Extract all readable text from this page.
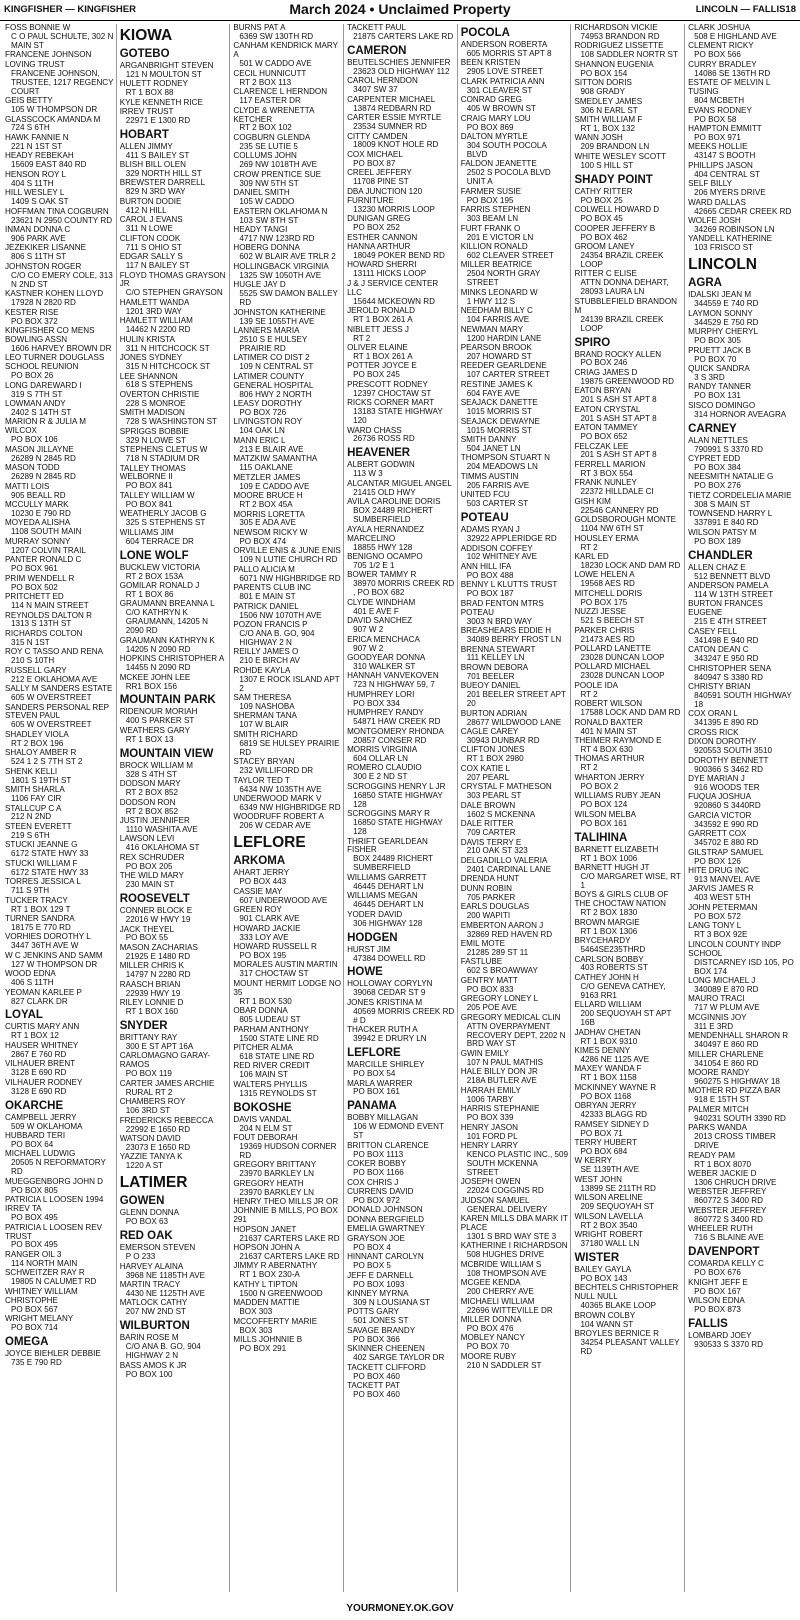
KINGFISHER — KINGFISHER	March 2024 • Unclaimed Property	LINCOLN — FALLIS18
FOSS BONNIE W
C O PAUL SCHULTE, 302 N MAIN ST
FRANCENE JOHNSON
LOVING TRUST
FRANCENE JOHNSON, TRUSTEE, 1217 REGENCY COURT
GEIS BETTY
105 W THOMPSON DR
GLASSCOCK AMANDA M
724 S 6TH
HAWK FANNIE N
221 N 1ST ST
HEADY REBEKAH
15609 EAST 840 RD
HENSON ROY L
404 S 11TH
HILL WESLEY L
1409 S OAK ST
HOFFMAN TINA COGBURN
23621 N 2950 COUNTY RD
INMAN DONNA C
906 PARK AVE
JEZEKIKER LISANNE
806 S 11TH ST
JOHNSTON ROGER
C/O CO EMERY COLE, 313 N 2ND ST
KASTNER KOHEN LLOYD
17928 N 2820 RD
KESTER RISE
PO BOX 372
KINGFISHER CO MENS BOWLING ASSN
1606 HARVEY BROWN DR
LEO TURNER DOUGLASS SCHOOL REUNION
PO BOX 26
LONG DAREWARD I
319 S 7TH ST
LOWMAN ANDY
2402 S 14TH ST
MARION R & JULIA M WILCOX
PO BOX 106
MASON JILLAYNE
26289 N 2845 RD
MASON TODD
26289 N 2845 RD
MATTI LOIS
905 BEALL RD
MCCULLY MARK
10230 E 790 RD
MOYEDA ALISHA
1108 SOUTH MAIN
MURRAY SONNY
1207 COLVIN TRAIL
PANTER RONALD C
PO BOX 961
PRIM WENDELL R
PO BOX 502
PRITCHETT ED
114 N MAIN STREET
REYNOLDS DALTON R
1313 S 13TH ST
RICHARDS COLTON
315 N 1ST
ROY C TASSO AND RENA
210 S 10TH
RUSSELL GARY
212 E OKLAHOMA AVE
SALLY M SANDERS ESTATE
605 W OVERSTREET
SANDERS PERSONAL REP STEVEN PAUL
605 W OVERSTREET
SHADLEY VIOLA
RT 2 BOX 196
SHALOY AMBER R
524 1 2 S 7TH ST 2
SHENK KELLI
1801 S 19TH ST
SMITH SHARLA
1106 FAY CIR
STALLCUP C A
212 N 2ND
STEEN EVERETT
219 S 6TH
STUCKI JEANNE G
6172 STATE HWY 33
STUCKI WILLIAM F
6172 STATE HWY 33
TORRES JESSICA L
711 S 9TH
TUCKER TRACY
RT 1 BOX 129 T
TURNER SANDRA
18175 E 770 RD
VORHIES DOROTHY L
3447 36TH AVE W
W C JENKINS AND SAMM
127 W THOMPSON DR
WOOD EDNA
406 S 11TH
YEOMAN KARLEE P
827 CLARK DR
LOYAL
CURTIS MARY ANN
RT 1 BOX 12
HAUSER WHITNEY
2867 E 760 RD
VILHAUER BRENT
3128 E 690 RD
VILHAUER RODNEY
3128 E 690 RD
OKARCHE
CAMPBELL JERRY
509 W OKLAHOMA
HUBBARD TERI
PO BOX 64
MICHAEL LUDWIG
20505 N REFORMATORY RD
MUEGGENBORG JOHN D
PO BOX 805
PATRICIA L LOOSEN 1994 IRREV TA
PO BOX 495
PATRICIA L LOOSEN REV TRUST
PO BOX 495
RANGER OIL 3
114 NORTH MAIN
SCHWEITZER RAY R
19805 N CALUMET RD
WHITNEY WILLIAM CHRISTOPHE
PO BOX 567
WRIGHT MELANY
PO BOX 714
OMEGA
JOYCE BIEHLER DEBBIE
735 E 790 RD
KIOWA
GOTEBO
ARGANBRIGHT STEVEN
121 N MOULTON ST
HULETT RODNEY
RT 1 BOX 88
KYLE KENNETH RICE IRREV TRUST
22971 E 1300 RD
HOBART
ALLEN JIMMY
411 S BAILEY ST
BLISH BILL OLEN
329 NORTH HILL ST
BREWSTER DARRELL
829 N 3RD WAY
BURTON DODIE
412 N HILL
CAROL J EVANS
311 N LOWE
CLIFTON COOK
711 S OHIO ST
EDGAR SALLY S
117 N BAILEY ST
FLOYD THOMAS GRAYSON JR
C/O STEPHEN GRAYSON
HAMLETT WANDA
1201 3RD WAY
HAMLETT WILLIAM
14462 N 2200 RD
HULIN KRISTA
311 N HITCHCOCK ST
JONES SYDNEY
315 N HITCHCOCK ST
LEE SHANNON
618 S STEPHENS
OVERTON CHRISTIE
228 S MONROE
SMITH MADISON
728 S WASHINGTON ST
SPRIGGS BOBBIE
329 N LOWE ST
STEPHENS CLETUS W
718 N STADIUM DR
TALLEY THOMAS WELBORNE II
PO BOX 841
TALLEY WILLIAM W
PO BOX 841
WEATHERLY JACOB G
325 S STEPHENS ST
WILLIAMS JIM
604 TERRACE DR
LONE WOLF
BUCKLEW VICTORIA
RT 2 BOX 153A
GOMILAR RONALD J
RT 1 BOX 86
GRAUMANN BREANNA L
C/O KATHRYN K GRAUMANN, 14205 N 2090 RD
GRAUMANN KATHRYN K
14205 N 2090 RD
HOPKINS CHRISTOPHER A
14455 N 2090 RD
MCKEE JOHN LEE
RR1 BOX 156
MOUNTAIN PARK
RIDENOUR MORIAH
400 S PARKER ST
WEATHERS GARY
RT 1 BOX 13
MOUNTAIN VIEW
BROCK WILLIAM M
328 S 4TH ST
DODSON MARY
RT 2 BOX 852
DODSON RON
RT 2 BOX 852
JUSTIN JENNIFER
1110 WASHITA AVE
LAWSON LEVI
416 OKLAHOMA ST
REX SCHRUDER
PO BOX 205
THE WILD MARY
230 MAIN ST
ROOSEVELT
CONNER BLOCK E
22016 W HWY 19
JACK THEYEL
PO BOX 55
MASON ZACHARIAS
21925 E 1480 RD
MILLER CHRIS K
14797 N 2280 RD
RAASCH BRIAN
22939 HWY 19
RILEY LONNIE D
RT 1 BOX 160
SNYDER
BRITTANY RAY
300 E ST APT 16A
CARLOMAGNO GARAY-RAMOS
PO BOX 119
CARTER JAMES ARCHIE
RURAL RT 2
CHAMBERS ROY
106 3RD ST
FREDERICKS REBECCA
22992 E 1650 RD
WATSON DAVID
23073 E 1650 RD
YAZZIE TANYA K
1220 A ST
LATIMER
GOWEN
GLENN DONNA
PO BOX 63
RED OAK
EMERSON STEVEN
P O 233
HARVEY ALAINA
3968 NE 1185TH AVE
MARTIN TRACY
4430 NE 1125TH AVE
MATLOCK CATHY
207 NW 2ND ST
WILBURTON
BARIN ROSE M
C/O ANA B. GO, 904 HIGHWAY 2 N
BASS AMOS K JR
PO BOX 100
BURNS PAT A
6369 SW 130TH RD
CANHAM KENDRICK MARY A
501 W CADDO AVE
CECIL HUNNICUTT
RT 2 BOX 113
CLARENCE L HERNDON
117 EASTER DR
CLYDE & WRENETTA KETCHER
RT 2 BOX 102
COGBURN GLENDA
235 SE LUTIE 5
COLLUMS JOHN
269 NW 1018TH AVE
CROW PRENTICE SUE
309 NW 5TH ST
DANIEL SMITH
105 W CADDO
EASTERN OKLAHOMA N
103 SW 8TH ST
HEADY TANGI
4717 NW 123RD RD
HOBERG DONNA
602 W BLAIR AVE TRLR 2
HOLLINGBACK VIRGINIA
1325 SW 1050TH AVE
HUGLE JAY D
5525 SW DAMON BALLEY RD
JOHNSTON KATHERINE
139 SE 1055TH AVE
LANNERS MARIA
2510 S E HULSEY PRAIRIE RD
LATIMER CO DIST 2
109 N CENTRAL ST
LATIMER COUNTY GENERAL HOSPITAL
806 HWY 2 NORTH
LEASY DOROTHY
PO BOX 726
LIVINGSTON ROY
104 OAK LN
MANN ERIC L
213 E BLAIR AVE
MATZKIW SAMANTHA
115 OAKLANE
METZLER JAMES
109 E CADDO AVE
MOORE BRUCE H
RT 2 BOX 45A
MORRIS LORETTA
305 E ADA AVE
NEWSOM RICKY W
PO BOX 474
ORVILLE ENIS & JUNE ENIS
109 N LUTIE CHURCH RD
PALLO ALICIA M
6071 NW HIGHBRIDGE RD
PARENTS CLUB INC
801 E MAIN ST
PATRICK DANIEL
1506 NW 1070TH AVE
POZON FRANCIS P
C/O ANA B. GO, 904 HIGHWAY 2 N
REILLY JAMES O
210 E BIRCH AV
ROHDE KAYLA
1307 E ROCK ISLAND APT 2
SAM THERESA
109 NASHOBA
SHERMAN TANA
107 W BLAIR
SMITH RICHARD
6819 SE HULSEY PRAIRIE RD
STACEY BRYAN
232 WILLIFORD DR
TAYLOR TED T
6434 NW 1035TH AVE
UNDERWOOD MARK V
6349 NW HIGHBRIDGE RD
WOODRUFF ROBERT A
206 W CEDAR AVE
LEFLORE
ARKOMA
AHART JERRY
PO BOX 443
CASSIE MAY
607 UNDERWOOD AVE
GREEN ROY
901 CLARK AVE
HOWARD JACKIE
333 LOY AVE
HOWARD RUSSELL R
PO BOX 195
MORALES AUSTIN MARTIN
317 CHOCTAW ST
MOUNT HERMIT LODGE NO 35
RT 1 BOX 530
OBAR DONNA
805 LUDEAU ST
PARHAM ANTHONY
1500 STATE LINE RD
PITCHER ALMA
618 STATE LINE RD
RED RIVER CREDIT
106 MAIN ST
WALTERS PHYLLIS
1315 REYNOLDS ST
BOKOSHE
DAVIS VANDAL
204 N ELM ST
FOUT DEBORAH
19369 HUDSON CORNER RD
GREGORY BRITTANY
23970 BARKLEY LN
GREGORY HEATH
23970 BARKLEY LN
HENRY THEO MILLS JR OR JOHNNIE B MILLS, PO BOX 291
HOPSON JANET
21637 CARTERS LAKE RD
HOPSON JOHN A
21637 CARTERS LAKE RD
JIMMY R ABERNATHY
RT 1 BOX 230-A
KATHY L TIPTON
1500 N GREENWOOD
MADDEN MATTIE
BOX 303
MCCOFFERTY MARIE
BOX 303
MILLS JOHNNIE B
PO BOX 291
TACKETT PAUL
21875 CARTERS LAKE RD
CAMERON
BEUTELSCHIES JENNIFER
23623 OLD HIGHWAY 112
CAROL HERNDON
3407 SW 37
CARPENTER MICHAEL
13874 REDBARN RD
CARTER ESSIE MYRTLE
23534 SUMNER RD
CITTY CAMDEN
18009 KNOT HOLE RD
COX MICHAEL
PO BOX 87
CREEL JEFFERY
11708 PINE ST
DBA JUNCTION 120 FURNITURE
13230 MORRIS LOOP
DUNIGAN GREG
PO BOX 252
ESTHER CANNON
HANNA ARTHUR
18049 POKER BEND RD
HOWARD SHERRI
13111 HICKS LOOP
J & J SERVICE CENTER LLC
15644 MCKEOWN RD
JEROLD RONALD
RT 1 BOX 261 A
NIBLETT JESS J
RT 2
OLIVER ELAINE
RT 1 BOX 261 A
POTTER JOYCE E
PO BOX 245
PRESCOTT RODNEY
12397 CHOCTAW ST
RICKS CORNER MART
13183 STATE HIGHWAY 120
WARD CHASS
26736 ROSS RD
HEAVENER
ALBERT GODWIN
113 W 3
ALCANTAR MIGUEL ANGEL
21415 OLD HWY
AVILA CAROLINE DORIS
BOX 24489 RICHERT SUMBERFIELD
AYALA HERNANDEZ MARCELINO
18855 HWY 128
BENIGNO OCAMPO
705 1/2 E 1
BOWER TAMMY R
38970 MORRIS CREEK RD , PO BOX 682
CLYDE WINDHAM
401 E AVE F
DAVID SANCHEZ
907 W 2
ERICA MENCHACA
907 W 2
GOODYEAR DONNA
310 WALKER ST
HANNAH VANVEKOVEN
723 N HIGHWAY 59, 7
HUMPHREY LORI
PO BOX 334
HUMPHREY RANDY
54871 HAW CREEK RD
MONTGOMERY RHONDA
20857 CONSER RD
MORRIS VIRGINIA
604 OLLAR LN
ROMERO CLAUDIO
300 E 2 ND ST
SCROGGINS HENRY L JR
16850 STATE HIGHWAY 128
SCROGGINS MARY R
16850 STATE HIGHWAY 128
THRIFT GEARLDEAN FISHER
BOX 24489 RICHERT SUMBERFIELD
WILLIAMS GARRETT
46445 DEHART LN
WILLIAMS MEGAN
46445 DEHART LN
YODER DAVID
306 HIGHWAY 128
HODGEN
HURST JIM
47384 DOWELL RD
HOWE
HOLLOWAY CORYLYN
39068 CEDAR ST 9
JONES KRISTINA M
40569 MORRIS CREEK RD # D
THACKER RUTH A
39942 E DRURY LN
LEFLORE
MARCILLE SHIRLEY
PO BOX 54
MARLA WARRER
PO BOX 161
PANAMA
BOBBY MILLAGAN
106 W EDMOND EVENT ST
BRITTON CLARENCE
PO BOX 1113
COKER BOBBY
PO BOX 1166
COX CHRIS J
CURRENS DAVID
PO BOX 972
DONALD JOHNSON
DONNA BERGFIELD
EMELIA GWARTNEY
GRAYSON JOE
PO BOX 4
HINNANT CAROLYN
PO BOX 5
JEFF E DARNELL
PO BOX 1093
KINNEY MYRNA
309 N LOUSIANA ST
POTTS GARY
501 JONES ST
SAVAGE BRANDY
PO BOX 366
SKINNER CHEENEN
402 SARGE TAYLOR DR
TACKETT CLIFFORD
PO BOX 460
TACKETT PAT
PO BOX 460
POCOLA
ANDERSON ROBERTA
605 MORRIS ST APT 8
BEEN KRISTEN
2905 LOVE STREET
CLARK PATRICIA ANN
301 CLEAVER ST
CONRAD GREG
405 W BROWN ST
CRAIG MARY LOU
PO BOX 869
DALTON MYRTLE
304 SOUTH POCOLA BLVD
FALDON JEANETTE
2502 S POCOLA BLVD UNIT A
FARMER SUSIE
PO BOX 195
FARRIS STEPHEN
303 BEAM LN
FURT FRANK O
201 E VICTOR LN
KILLION RONALD
602 CLEAVER STREET
MILLER BEATRICE
2504 NORTH GRAY STREET
MINKS LEONARD W
1 HWY 112 S
NEEDHAM BILLY C
104 FARRIS AVE
NEWMAN MARY
1200 HARDIN LANE
PEARSON BROOK
207 HOWARD ST
REEDER GEARLDENE
107 CARTER STREET
RESTINE JAMES K
604 FAYE AVE
SEAJACK DANETTE
1015 MORRIS ST
SEAJACK DEWAYNE
1015 MORRIS ST
SMITH DANNY
504 JANET LN
THOMPSON STUART N
204 MEADOWS LN
TIMMS AUSTIN
205 FARRIS AVE
UNITED FCU
503 CARTER ST
POTEAU
ADAMS RYAN J
32922 APPLERIDGE RD
ADDISON COFFEY
102 WHITNEY AVE
ANN HILL IFA
PO BOX 488
BENNY L KLUTTS TRUST
PO BOX 187
BRAD FENTON MTRS POTEAU
3003 N BRD WAY
BREASHEARS EDDIE H
34089 BERRY FROST LN
BRENNA STEWART
111 KELLEY LN
BROWN DEBORA
701 BEELER
BUEOY DANIEL
201 BEELER STREET APT 20
BURTON ADRIAN
28677 WILDWOOD LANE
CAGLE CAREY
30943 DUNBAR RD
CLIFTON JONES
RT 1 BOX 2980
COX KATIE L
207 PEARL
CRYSTAL F MATHESON
303 PEARL ST
DALE BROWN
1602 S MCKENNA
DALE RITTER
709 CARTER
DAVIS TERRY E
210 OAK ST 323
DELGADILLO VALERIA
2401 CARDINAL LANE
DRENDA HUNT
DUNN ROBIN
705 PARKER
EARLS DOUGLAS
200 WAPITI
EMBERTON AARON J
32869 RED HAVEN RD
EMIL MOTE
21285 289 ST 11
FASTLUBE
602 S BROAWWAY
GENTRY MATT
PO BOX 833
GREGORY LONEY L
205 POE AVE
GREGORY MEDICAL CLIN
ATTN OVERPAYMENT RECOVERY DEPT, 2202 N BRD WAY ST
GWIN EMILY
107 N PAUL MATHIS
HALE BILLY DON JR
218A BUTLER AVE
HARRAH EMILY
1006 TARBY
HARRIS STEPHANIE
PO BOX 339
HENRY JASON
101 FORD PL
HENRY LARRY
KENCO PLASTIC INC., 509 SOUTH MCKENNA STREET
JOSEPH OWEN
22024 COGGINS RD
JUDSON SAMUEL
GENERAL DELIVERY
KAREN MILLS DBA MARK IT PLACE
1301 S BRD WAY STE 3
KATHERINE I RICHARDSON
508 HUGHES DRIVE
MCBRIDE WILLIAM S
108 THOMPSON AVE
MCGEE KENDA
200 CHERRY AVE
MICHAELI WILLIAM
22696 WITTEVILLE DR
MILLER DONNA
PO BOX 476
MOBLEY NANCY
PO BOX 70
MOORE RUBY
210 N SADDLER ST
RICHARDSON VICKIE
74953 BRANDON RD
RODRIGUEZ LISSETTE
108 SADDLER NORTR ST
SHANNON EUGENIA
PO BOX 154
SITTON DORIS
908 GRADY
SMEDLEY JAMES
306 N EARL ST
SMITH WILLIAM F
RT 1, BOX 132
WANN JOSH
209 BRANDON LN
WHITE WESLEY SCOTT
100 S HILL ST
SHADY POINT
CATHY RITTER
PO BOX 25
COLWELL HOWARD D
PO BOX 45
COOPER JEFFERY B
PO BOX 462
GROOM LANEY
24354 BRAZIL CREEK LOOP
RITTER C ELISE
ATTN DONNA DEHART, 28093 LAURA LN
STUBBLEFIELD BRANDON M
24139 BRAZIL CREEK LOOP
SPIRO
BRAND ROCKY ALLEN
PO BOX 246
CRIAG JAMES D
19875 GREENWOOD RD
EATON BRYAN
201 S ASH ST APT 8
EATON CRYSTAL
201 S ASH ST APT 8
EATON TAMMEY
PO BOX 652
FELCZAK LEE
201 S ASH ST APT 8
FERRELL MARION
RT 3 BOX 554
FRANK NUNLEY
22372 HILLDALE CI
GISH KIM
22546 CANNERY RD
GOLDSBOROUGH MONTE
1104 NW 6TH ST
HOUSLEY ERMA
RT 2
KARL ED
18230 LOCK AND DAM RD
LOWE HELEN A
19568 AES RD
MITCHELL DORIS
PO BOX 175
NUZZI JESSE
521 S BEECH ST
PARKER CHRIS
21473 AES RD
POLLARD LANETTE
23028 DUNCAN LOOP
POLLARD MICHAEL
23028 DUNCAN LOOP
POOLE IDA
RT 2
ROBERT WILSON
17588 LOCK AND DAM RD
RONALD BAXTER
401 N MAIN ST
THEIMER RAYMOND E
RT 4 BOX 630
THOMAS ARTHUR
RT 2
WHARTON JERRY
PO BOX 2
WILLIAMS RUBY JEAN
PO BOX 124
WILSON MELBA
PO BOX 161
TALIHINA
BARNETT ELIZABETH
RT 1 BOX 1006
BARNETT HUGH JT
C/O MARGARET WISE, RT 1
BOYS & GIRLS CLUB OF THE CHOCTAW NATION
RT 2 BOX 1830
BROWN MARGIE
RT 1 BOX 1306
BRYCEHARDY
5464SE235THRD
CARLSON BOBBY
403 ROBERTS ST
CATHEY JOHN H
C/O GENEVA CATHEY, 9163 RR1
ELLARD WILLIAM
200 SEQUOYAH ST APT 16B
JADHAV CHETAN
RT 1 BOX 9310
KIMES DENNY
4286 NE 1125 AVE
MAXEY WANDA F
RT 1 BOX 1158
MCKINNEY WAYNE R
PO BOX 1168
OBRYAN JERRY
42333 BLAGG RD
RAMSEY SIDNEY D
PO BOX 71
TERRY HUBERT
PO BOX 684
W KERRY
SE 1139TH AVE
WEST JOHN
13899 SE 211TH RD
WILSON ARELINE
209 SEQUOYAH ST
WILSON LAVELLA
RT 2 BOX 3540
WRIGHT ROBERT
37180 WALL LN
WISTER
BAILEY GAYLA
PO BOX 143
BECHTELS CHRISTOPHER NULL NULL
40365 BLAKE LOOP
BROWN COLBY
104 WANN ST
BROYLES BERNICE R
34254 PLEASANT VALLEY RD
CLARK JOSHUA
508 E HIGHLAND AVE
CLEMENT RICKY
PO BOX 566
CURRY BRADLEY
14086 SE 136TH RD
ESTATE OF MELVIN L TUSING
804 MCBETH
EVANS RODNEY
PO BOX 58
HAMPTON EMMITT
PO BOX 971
MEEKS HOLLIE
43147 S BOOTH
PHILLIPS JASON
404 CENTRAL ST
SELF BILLY
206 MYERS DRIVE
WARD DALLAS
42665 CEDAR CREEK RD
WOLFE JOSH
34269 ROBINSON LN
YANDELL KATHERINE
103 FRISCO ST
LINCOLN
AGRA
IDALSKI JEAN M
344559 E 740 RD
LAYMON SONNY
344529 E 750 RD
MURPHY CHERYL
PO BOX 305
PRUETT JACK B
PO BOX 70
QUICK SANDRA
3 S 3RD
RANDY TANNER
PO BOX 131
SISCO DOMINGO
314 HORNOR AVEAGRA
CARNEY
ALAN NETTLES
790991 S 3370 RD
CYPRET EDD
PO BOX 384
NEESMITH NATALIE G
PO BOX 276
TIETZ CORDELELIA MARIE
308 S MAIN ST
TOWNSEND HARRY L
337891 E 840 RD
WILSON PATSY M
PO BOX 189
CHANDLER
ALLEN CHAZ E
512 BENNETT BLVD
ANDERSON PAMELA
114 W 13TH STREET
BURTON FRANCES EUGENE
215 E 4TH STREET
CASEY FELL
341498 E 940 RD
CATON DEAN C
343247 E 950 RD
CHRISTOPHER SENA
840947 S 3380 RD
CHRISTY BRIAN
840591 SOUTH HIGHWAY 18
COX ORAN L
341395 E 890 RD
CROSS RICK
DIXON DOROTHY
920553 SOUTH 3510
DOROTHY BENNETT
900366 S 3462 RD
DYE MARIAN J
916 WOODS TER
FUQUA JOSHUA
920860 S 3440RD
GARCIA VICTOR
343592 E 990 RD
GARRETT COX
345702 E 880 RD
GILSTRAP SAMUEL
PO BOX 126
HITE DRUG INC
913 MANVEL AVE
JARVIS JAMES R
403 WEST 5TH
JOHN PETERMAN
PO BOX 572
LANG TONY L
RT 3 BOX 92E
LINCOLN COUNTY INDP SCHOOL
DISTCARNEY ISD 105, PO BOX 174
LONG MICHAEL J
340089 E 870 RD
MAURO TRACI
717 W PLUM AVE
MCGINNIS JOY
311 E 3RD
MENDENHALL SHARON R
340497 E 860 RD
MILLER CHARLENE
341054 E 860 RD
MOORE RANDY
960275 S HIGHWAY 18
MOTHER RD PIZZA BAR
918 E 15TH ST
PALMER MITCH
940231 SOUTH 3390 RD
PARKS WANDA
2013 CROSS TIMBER DRIVE
READY PAM
RT 1 BOX 8070
WEBER JACKIE D
1306 CHRUCH DRIVE
WEBSTER JEFFREY
860772 S 3400 RD
WEBSTER JEFFREY
860772 S 3400 RD
WHEELER RUTH
716 S BLAINE AVE
DAVENPORT
COMARDA KELLY C
PO BOX 676
KNIGHT JEFF E
PO BOX 167
WILSON EDNA
PO BOX 873
FALLIS
LOMBARD JOEY
930533 S 3370 RD
YOURMONEY.OK.GOV
